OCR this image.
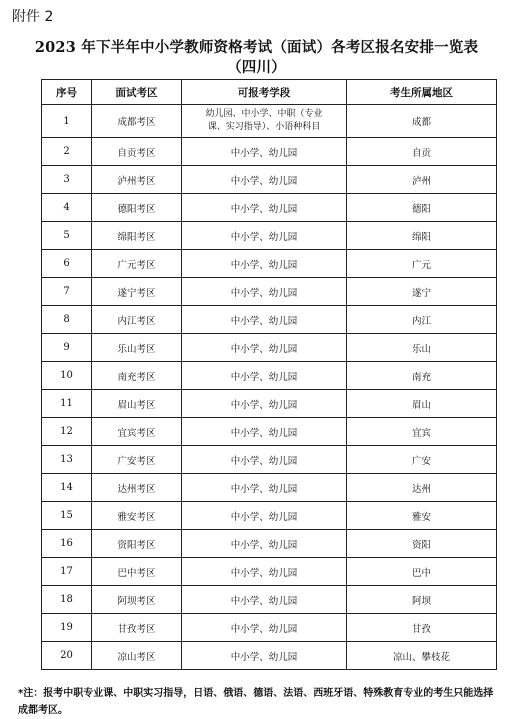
附件 2
2023 年下半年中小学教师资格考试（面试）各考区报名安排一览表
（四川）
序号	面试考区	可报考学段	考生所属地区
1	成都考区	幼儿园、中小学、中职（专业课、实习指导）、小语种科目	成都
2	自贡考区	中小学、幼儿园	自贡
3	泸州考区	中小学、幼儿园	泸州
4	德阳考区	中小学、幼儿园	德阳
5	绵阳考区	中小学、幼儿园	绵阳
6	广元考区	中小学、幼儿园	广元
7	遂宁考区	中小学、幼儿园	遂宁
8	内江考区	中小学、幼儿园	内江
9	乐山考区	中小学、幼儿园	乐山
10	南充考区	中小学、幼儿园	南充
11	眉山考区	中小学、幼儿园	眉山
12	宜宾考区	中小学、幼儿园	宜宾
13	广安考区	中小学、幼儿园	广安
14	达州考区	中小学、幼儿园	达州
15	雅安考区	中小学、幼儿园	雅安
16	资阳考区	中小学、幼儿园	资阳
17	巴中考区	中小学、幼儿园	巴中
18	阿坝考区	中小学、幼儿园	阿坝
19	甘孜考区	中小学、幼儿园	甘孜
20	凉山考区	中小学、幼儿园	凉山、攀枝花
*注：报考中职专业课、中职实习指导，日语、俄语、德语、法语、西班牙语、特殊教育专业的考生只能选择成都考区。
